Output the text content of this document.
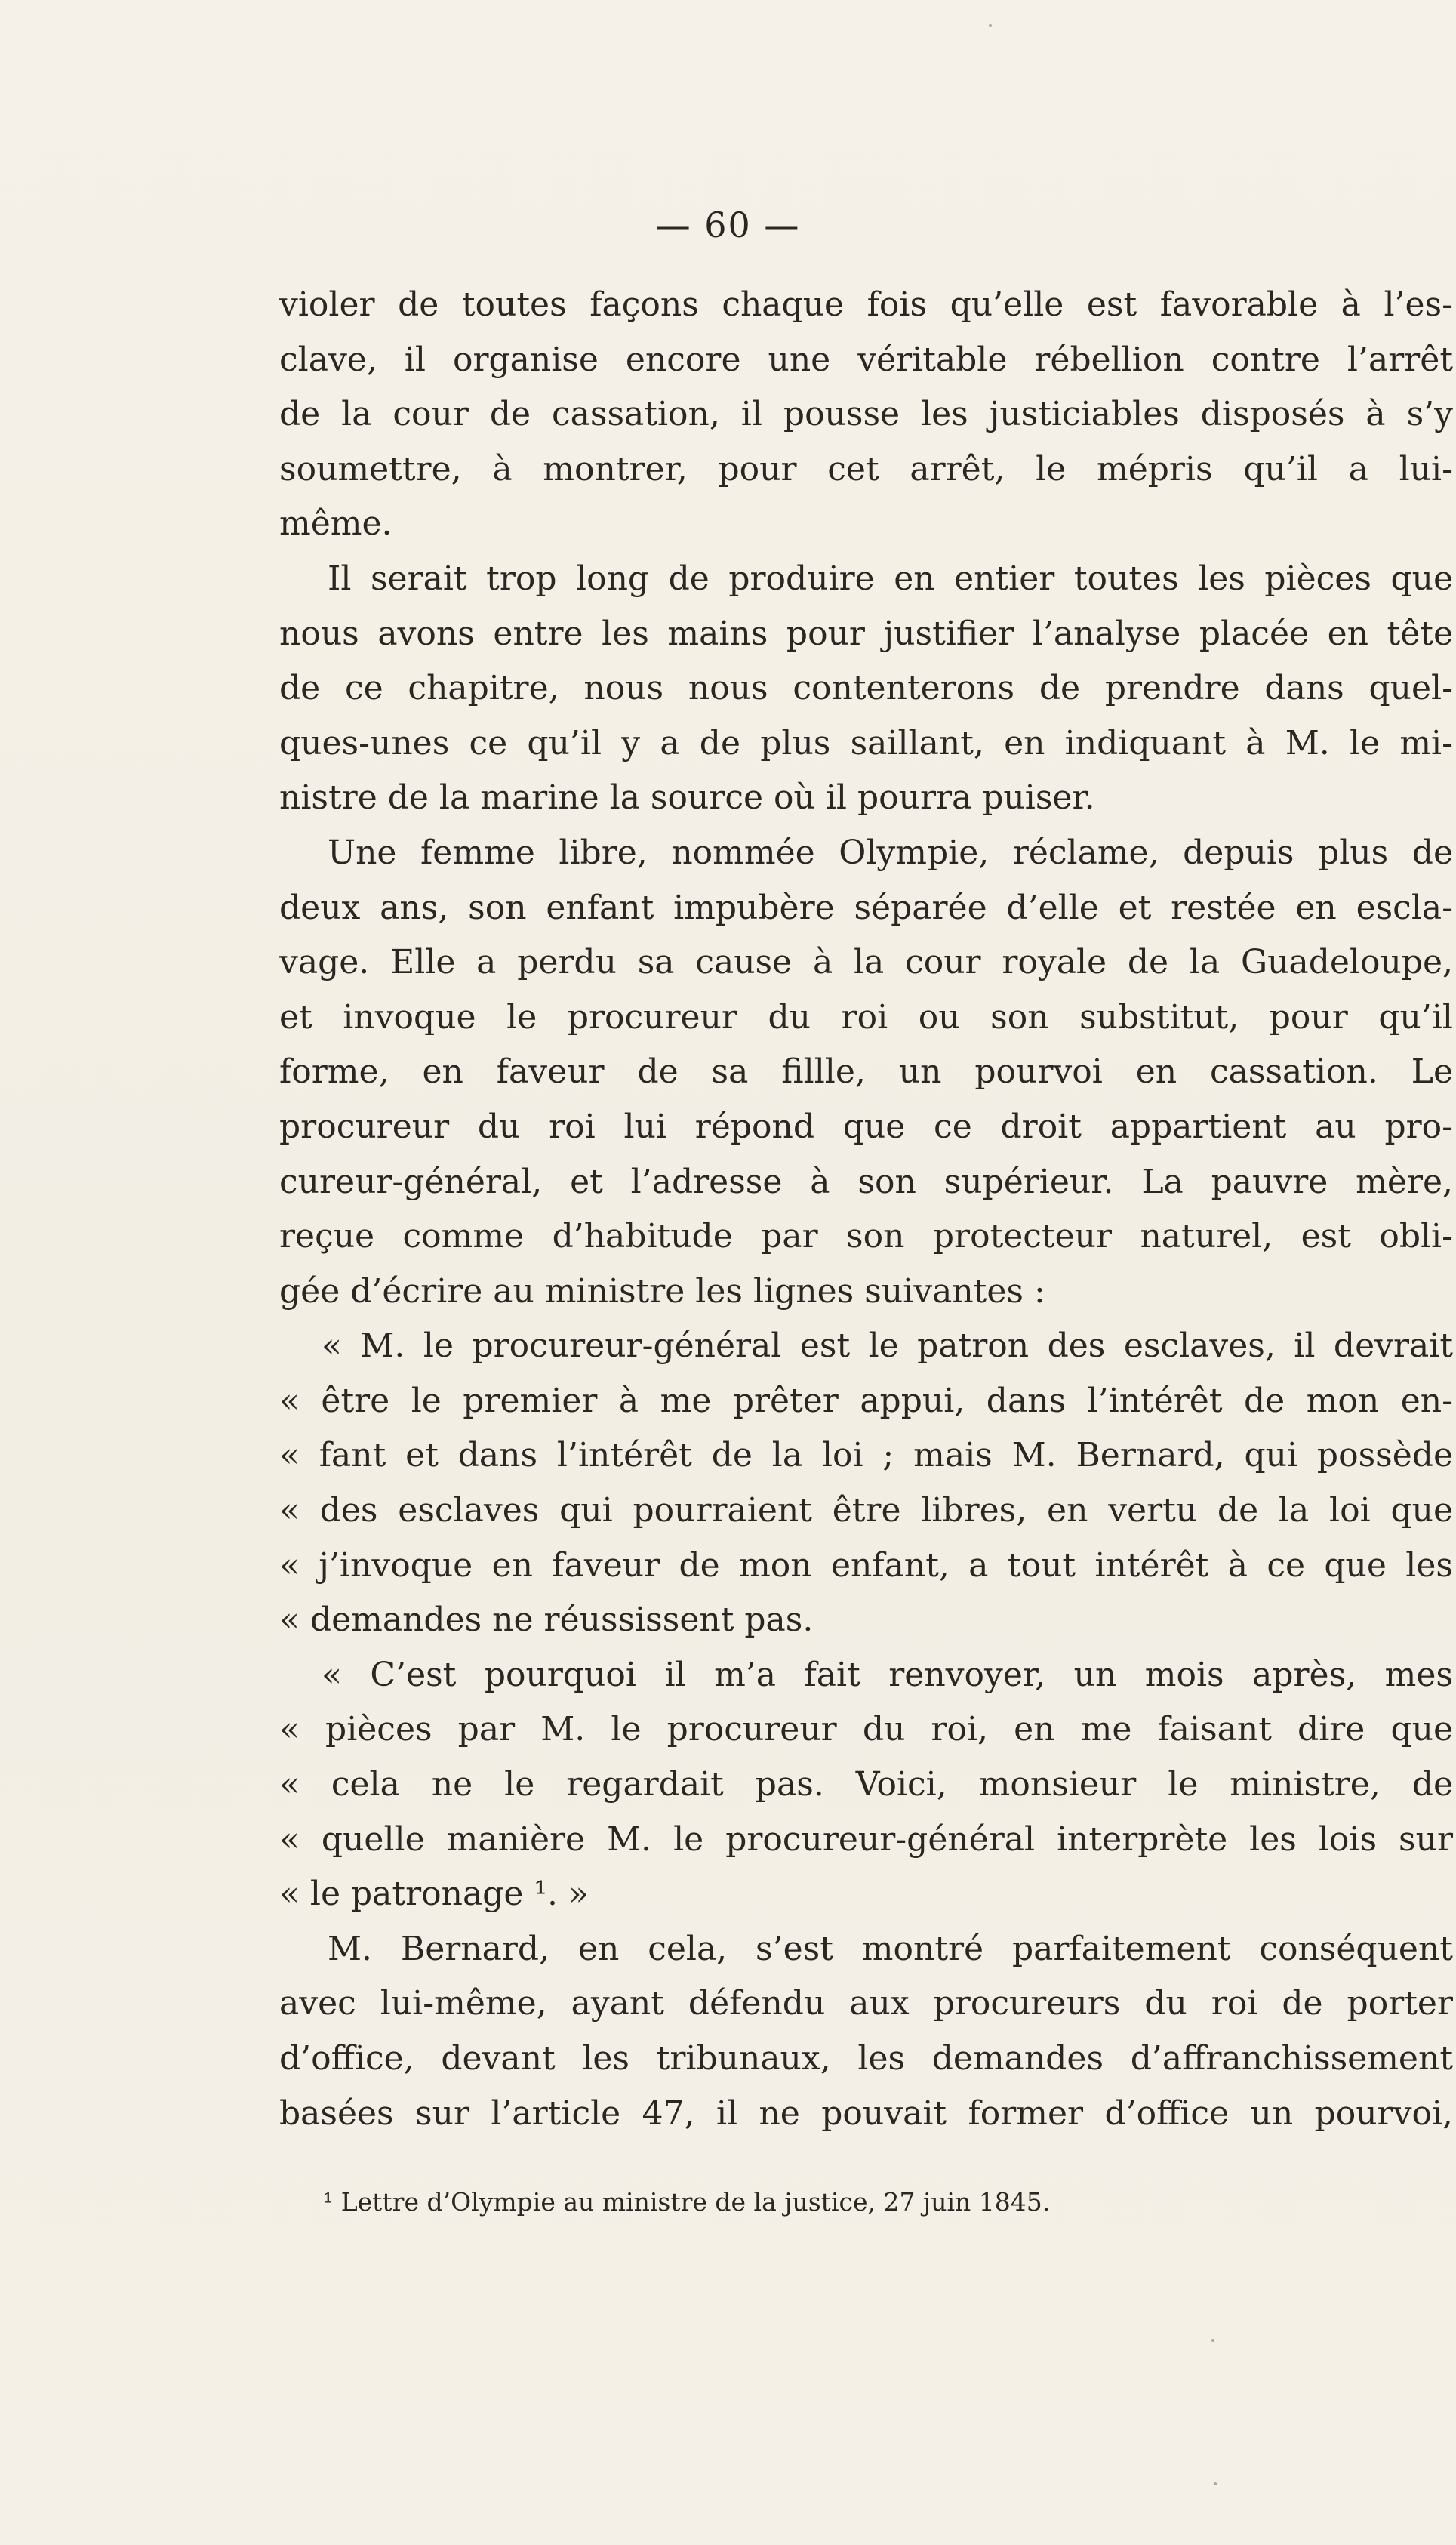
— 60 —
violer de toutes façons chaque fois qu’elle est favorable à l’es-
clave, il organise encore une véritable rébellion contre l’arrêt
de la cour de cassation, il pousse les justiciables disposés à s’y
soumettre, à montrer, pour cet arrêt, le mépris qu’il a lui-
même.
Il serait trop long de produire en entier toutes les pièces que
nous avons entre les mains pour justifier l’analyse placée en tête
de ce chapitre, nous nous contenterons de prendre dans quel-
ques-unes ce qu’il y a de plus saillant, en indiquant à M. le mi-
nistre de la marine la source où il pourra puiser.
Une femme libre, nommée Olympie, réclame, depuis plus de
deux ans, son enfant impubère séparée d’elle et restée en escla-
vage. Elle a perdu sa cause à la cour royale de la Guadeloupe,
et invoque le procureur du roi ou son substitut, pour qu’il
forme, en faveur de sa fillle, un pourvoi en cassation. Le
procureur du roi lui répond que ce droit appartient au pro-
cureur-général, et l’adresse à son supérieur. La pauvre mère,
reçue comme d’habitude par son protecteur naturel, est obli-
gée d’écrire au ministre les lignes suivantes :
« M. le procureur-général est le patron des esclaves, il devrait
« être le premier à me prêter appui, dans l’intérêt de mon en-
« fant et dans l’intérêt de la loi ; mais M. Bernard, qui possède
« des esclaves qui pourraient être libres, en vertu de la loi que
« j’invoque en faveur de mon enfant, a tout intérêt à ce que les
« demandes ne réussissent pas.
« C’est pourquoi il m’a fait renvoyer, un mois après, mes
« pièces par M. le procureur du roi, en me faisant dire que
« cela ne le regardait pas. Voici, monsieur le ministre, de
« quelle manière M. le procureur-général interprète les lois sur
« le patronage ¹. »
M. Bernard, en cela, s’est montré parfaitement conséquent
avec lui-même, ayant défendu aux procureurs du roi de porter
d’office, devant les tribunaux, les demandes d’affranchissement
basées sur l’article 47, il ne pouvait former d’office un pourvoi,
¹ Lettre d’Olympie au ministre de la justice, 27 juin 1845.
